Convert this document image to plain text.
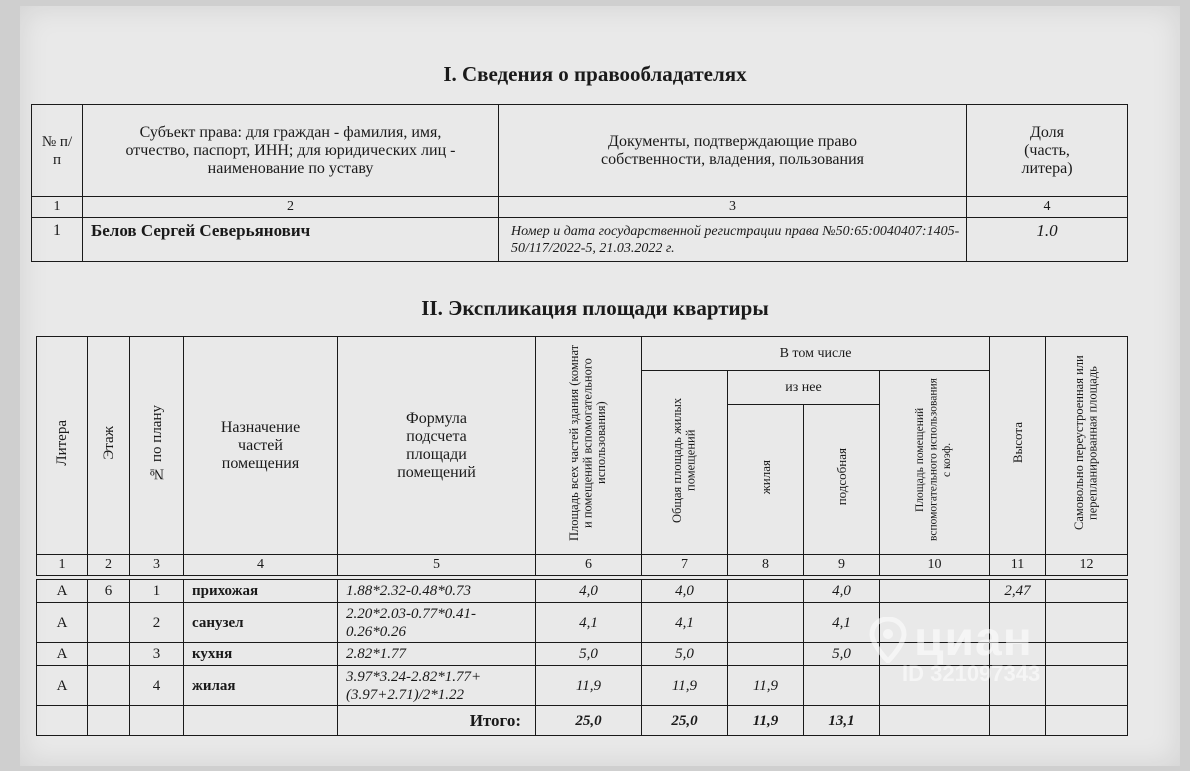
I. Сведения о правообладателях
№ п/п	Субъект права: для граждан - фамилия, имя, отчество, паспорт, ИНН; для юридических лиц - наименование по уставу	Документы, подтверждающие право собственности, владения, пользования	Доля (часть, литера)
1	2	3	4
1	Белов Сергей Северьянович	Номер и дата государственной регистрации права №50:65:0040407:1405-50/117/2022-5, 21.03.2022 г.	1.0
II. Экспликация площади квартиры
Литера	Этаж	№ по плану	Назначение частей помещения	Формула подсчета площади помещений	Площадь всех частей здания (комнат и помещений вспомогательного использования)	В том числе				Высота	Самовольно переустроенная или перепланированная площадь
						Общая площадь жилых помещений	из нее		Площадь помещений вспомогательного использования с коэф.		
							жилая	подсобная			
1	2	3	4	5	6	7	8	9	10	11	12

А	6	1	прихожая	1.88*2.32-0.48*0.73	4,0	4,0		4,0		2,47	
А		2	санузел	2.20*2.03-0.77*0.41-0.26*0.26	4,1	4,1		4,1			
А		3	кухня	2.82*1.77	5,0	5,0		5,0			
А		4	жилая	3.97*3.24-2.82*1.77+(3.97+2.71)/2*1.22	11,9	11,9	11,9				
				Итого:	25,0	25,0	11,9	13,1			
циан
ID 321097343
